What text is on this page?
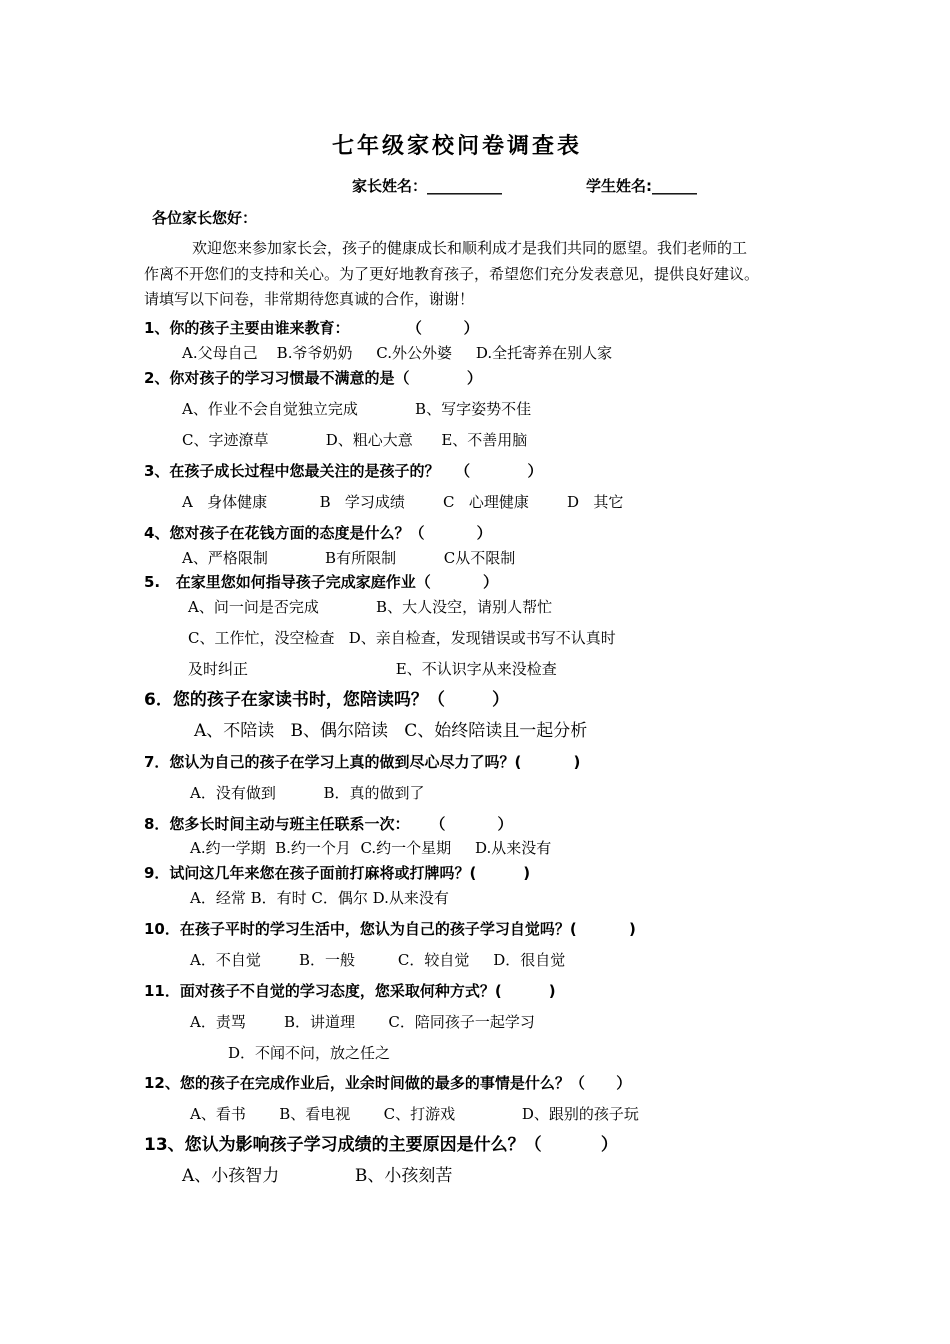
七年级家校问卷调查表
家长姓名：__________	学生姓名:______
各位家长您好：
欢迎您来参加家长会，孩子的健康成长和顺利成才是我们共同的愿望。我们老师的工
作离不开您们的支持和关心。为了更好地教育孩子，希望您们充分发表意见，提供良好建议。
请填写以下问卷，非常期待您真诚的合作，谢谢！
1、你的孩子主要由谁来教育：           （        ）
A.父母自己    B.爷爷奶奶     C.外公外婆     D.全托寄养在别人家
2、你对孩子的学习习惯最不满意的是（           ）
A、作业不会自觉独立完成            B、写字姿势不佳
C、字迹潦草            D、粗心大意      E、不善用脑
3、在孩子成长过程中您最关注的是孩子的？   （           ）
A   身体健康           B   学习成绩        C   心理健康        D   其它
4、您对孩子在花钱方面的态度是什么？（          ）
A、严格限制            B有所限制          C从不限制
5.   在家里您如何指导孩子完成家庭作业（          ）
A、问一问是否完成            B、大人没空，请别人帮忙
C、工作忙，没空检查   D、亲自检查，发现错误或书写不认真时
及时纠正                               E、不认识字从来没检查
6．您的孩子在家读书时，您陪读吗？（        ）
A、不陪读   B、偶尔陪读   C、始终陪读且一起分析
7．您认为自己的孩子在学习上真的做到尽心尽力了吗？(          )
A．没有做到          B．真的做到了
8．您多长时间主动与班主任联系一次：    （          ）
A.约一学期  B.约一个月  C.约一个星期     D.从来没有
9．试问这几年来您在孩子面前打麻将或打牌吗？(         )
A．经常 B．有时 C．偶尔 D.从来没有
10．在孩子平时的学习生活中，您认为自己的孩子学习自觉吗？(          )
A．不自觉        B．一般         C．较自觉     D．很自觉
11．面对孩子不自觉的学习态度，您采取何种方式？(         )
A．责骂        B．讲道理       C．陪同孩子一起学习
D．不闻不问，放之任之
12、您的孩子在完成作业后，业余时间做的最多的事情是什么？（      ）
A、看书       B、看电视       C、打游戏              D、跟别的孩子玩
13、您认为影响孩子学习成绩的主要原因是什么？（          ）
A、小孩智力              B、小孩刻苦
